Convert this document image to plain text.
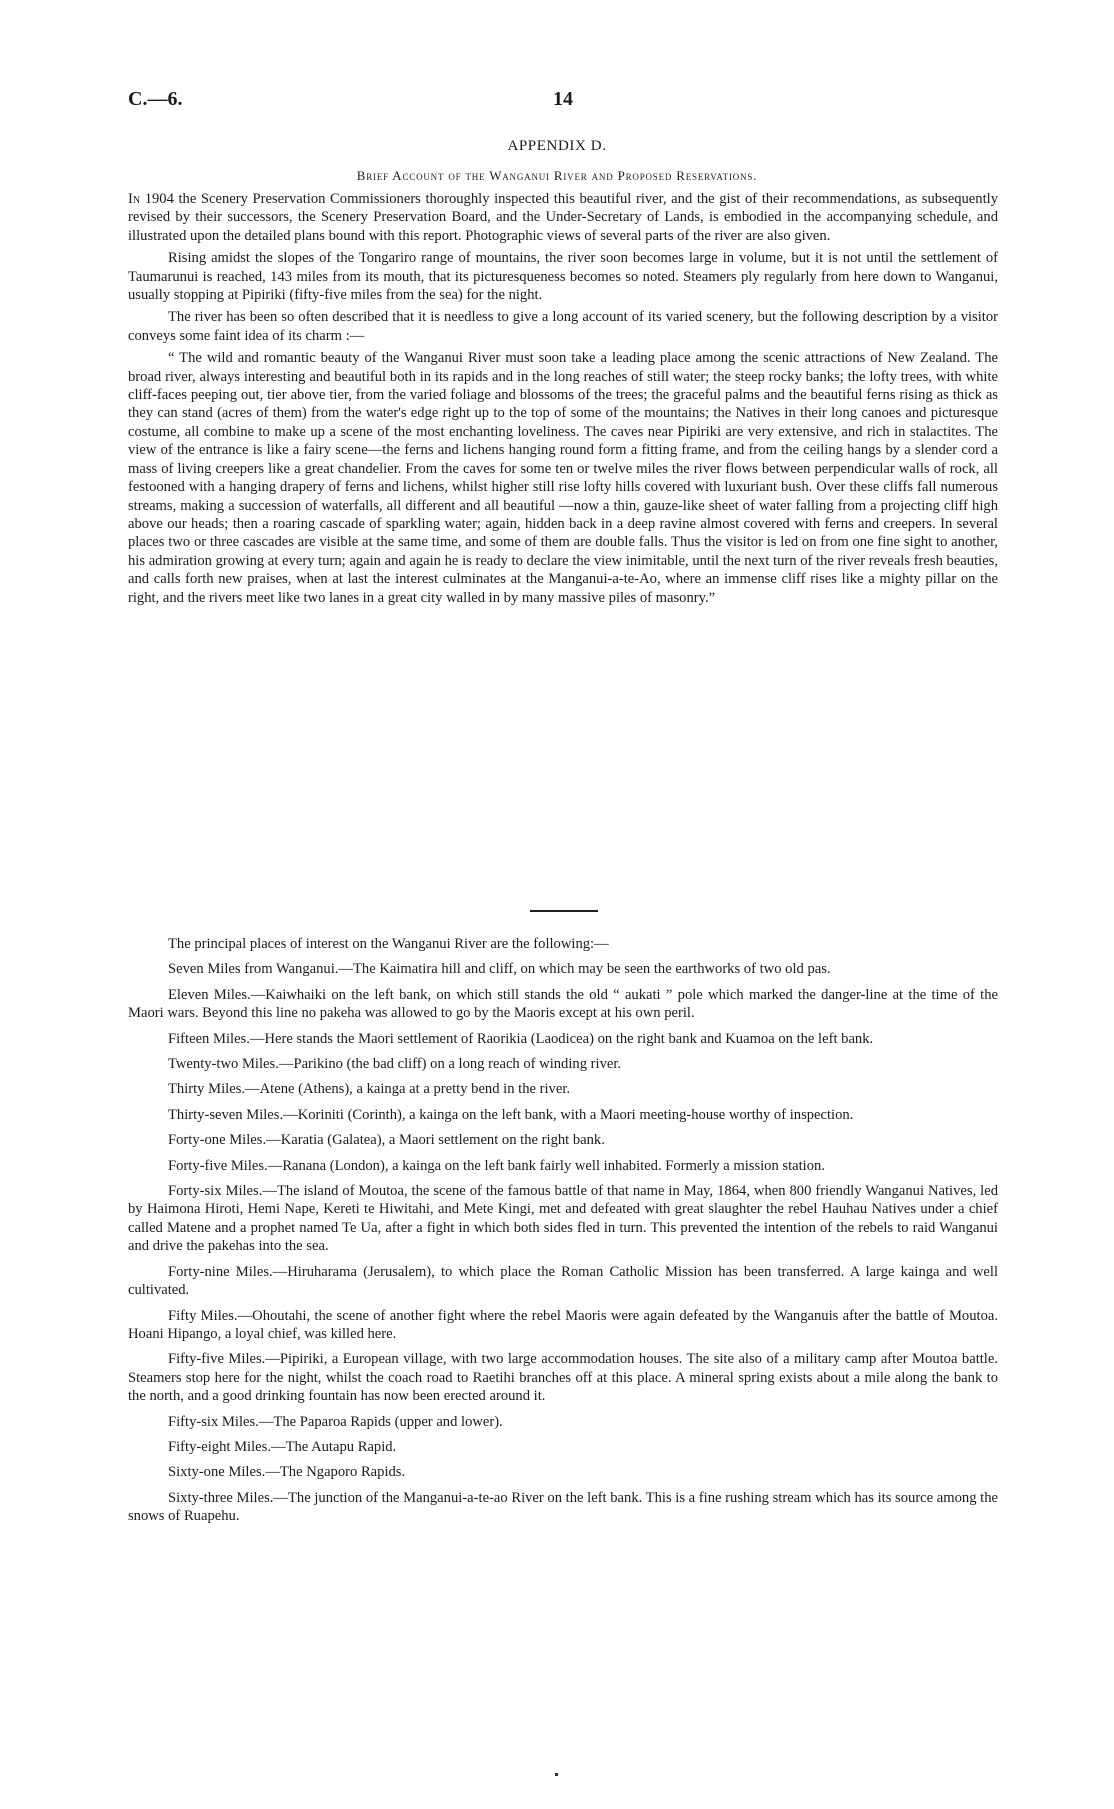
C.—6.	14
APPENDIX D.
Brief Account of the Wanganui River and Proposed Reservations.

In 1904 the Scenery Preservation Commissioners thoroughly inspected this beautiful river, and the gist of their recommendations, as subsequently revised by their successors, the Scenery Preservation Board, and the Under-Secretary of Lands, is embodied in the accompanying schedule, and illustrated upon the detailed plans bound with this report. Photographic views of several parts of the river are also given.

Rising amidst the slopes of the Tongariro range of mountains, the river soon becomes large in volume, but it is not until the settlement of Taumarunui is reached, 143 miles from its mouth, that its picturesqueness becomes so noted. Steamers ply regularly from here down to Wanganui, usually stopping at Pipiriki (fifty-five miles from the sea) for the night.

The river has been so often described that it is needless to give a long account of its varied scenery, but the following description by a visitor conveys some faint idea of its charm :—

“ The wild and romantic beauty of the Wanganui River must soon take a leading place among the scenic attractions of New Zealand. The broad river, always interesting and beautiful both in its rapids and in the long reaches of still water; the steep rocky banks; the lofty trees, with white cliff-faces peeping out, tier above tier, from the varied foliage and blossoms of the trees; the graceful palms and the beautiful ferns rising as thick as they can stand (acres of them) from the water's edge right up to the top of some of the mountains; the Natives in their long canoes and picturesque costume, all combine to make up a scene of the most enchanting loveliness. The caves near Pipiriki are very extensive, and rich in stalactites. The view of the entrance is like a fairy scene—the ferns and lichens hanging round form a fitting frame, and from the ceiling hangs by a slender cord a mass of living creepers like a great chandelier. From the caves for some ten or twelve miles the river flows between perpendicular walls of rock, all festooned with a hanging drapery of ferns and lichens, whilst higher still rise lofty hills covered with luxuriant bush. Over these cliffs fall numerous streams, making a succession of waterfalls, all different and all beautiful —now a thin, gauze-like sheet of water falling from a projecting cliff high above our heads; then a roaring cascade of sparkling water; again, hidden back in a deep ravine almost covered with ferns and creepers. In several places two or three cascades are visible at the same time, and some of them are double falls. Thus the visitor is led on from one fine sight to another, his admiration growing at every turn; again and again he is ready to declare the view inimitable, until the next turn of the river reveals fresh beauties, and calls forth new praises, when at last the interest culminates at the Manganui-a-te-Ao, where an immense cliff rises like a mighty pillar on the right, and the rivers meet like two lanes in a great city walled in by many massive piles of masonry.”

The principal places of interest on the Wanganui River are the following:—

Seven Miles from Wanganui.—The Kaimatira hill and cliff, on which may be seen the earthworks of two old pas.

Eleven Miles.—Kaiwhaiki on the left bank, on which still stands the old “ aukati ” pole which marked the danger-line at the time of the Maori wars. Beyond this line no pakeha was allowed to go by the Maoris except at his own peril.

Fifteen Miles.—Here stands the Maori settlement of Raorikia (Laodicea) on the right bank and Kuamoa on the left bank.

Twenty-two Miles.—Parikino (the bad cliff) on a long reach of winding river.

Thirty Miles.—Atene (Athens), a kainga at a pretty bend in the river.

Thirty-seven Miles.—Koriniti (Corinth), a kainga on the left bank, with a Maori meeting-house worthy of inspection.

Forty-one Miles.—Karatia (Galatea), a Maori settlement on the right bank.

Forty-five Miles.—Ranana (London), a kainga on the left bank fairly well inhabited. Formerly a mission station.

Forty-six Miles.—The island of Moutoa, the scene of the famous battle of that name in May, 1864, when 800 friendly Wanganui Natives, led by Haimona Hiroti, Hemi Nape, Kereti te Hiwitahi, and Mete Kingi, met and defeated with great slaughter the rebel Hauhau Natives under a chief called Matene and a prophet named Te Ua, after a fight in which both sides fled in turn. This prevented the intention of the rebels to raid Wanganui and drive the pakehas into the sea.

Forty-nine Miles.—Hiruharama (Jerusalem), to which place the Roman Catholic Mission has been transferred. A large kainga and well cultivated.

Fifty Miles.—Ohoutahi, the scene of another fight where the rebel Maoris were again defeated by the Wanganuis after the battle of Moutoa. Hoani Hipango, a loyal chief, was killed here.

Fifty-five Miles.—Pipiriki, a European village, with two large accommodation houses. The site also of a military camp after Moutoa battle. Steamers stop here for the night, whilst the coach road to Raetihi branches off at this place. A mineral spring exists about a mile along the bank to the north, and a good drinking fountain has now been erected around it.

Fifty-six Miles.—The Paparoa Rapids (upper and lower).

Fifty-eight Miles.—The Autapu Rapid.

Sixty-one Miles.—The Ngaporo Rapids.

Sixty-three Miles.—The junction of the Manganui-a-te-ao River on the left bank. This is a fine rushing stream which has its source among the snows of Ruapehu.
